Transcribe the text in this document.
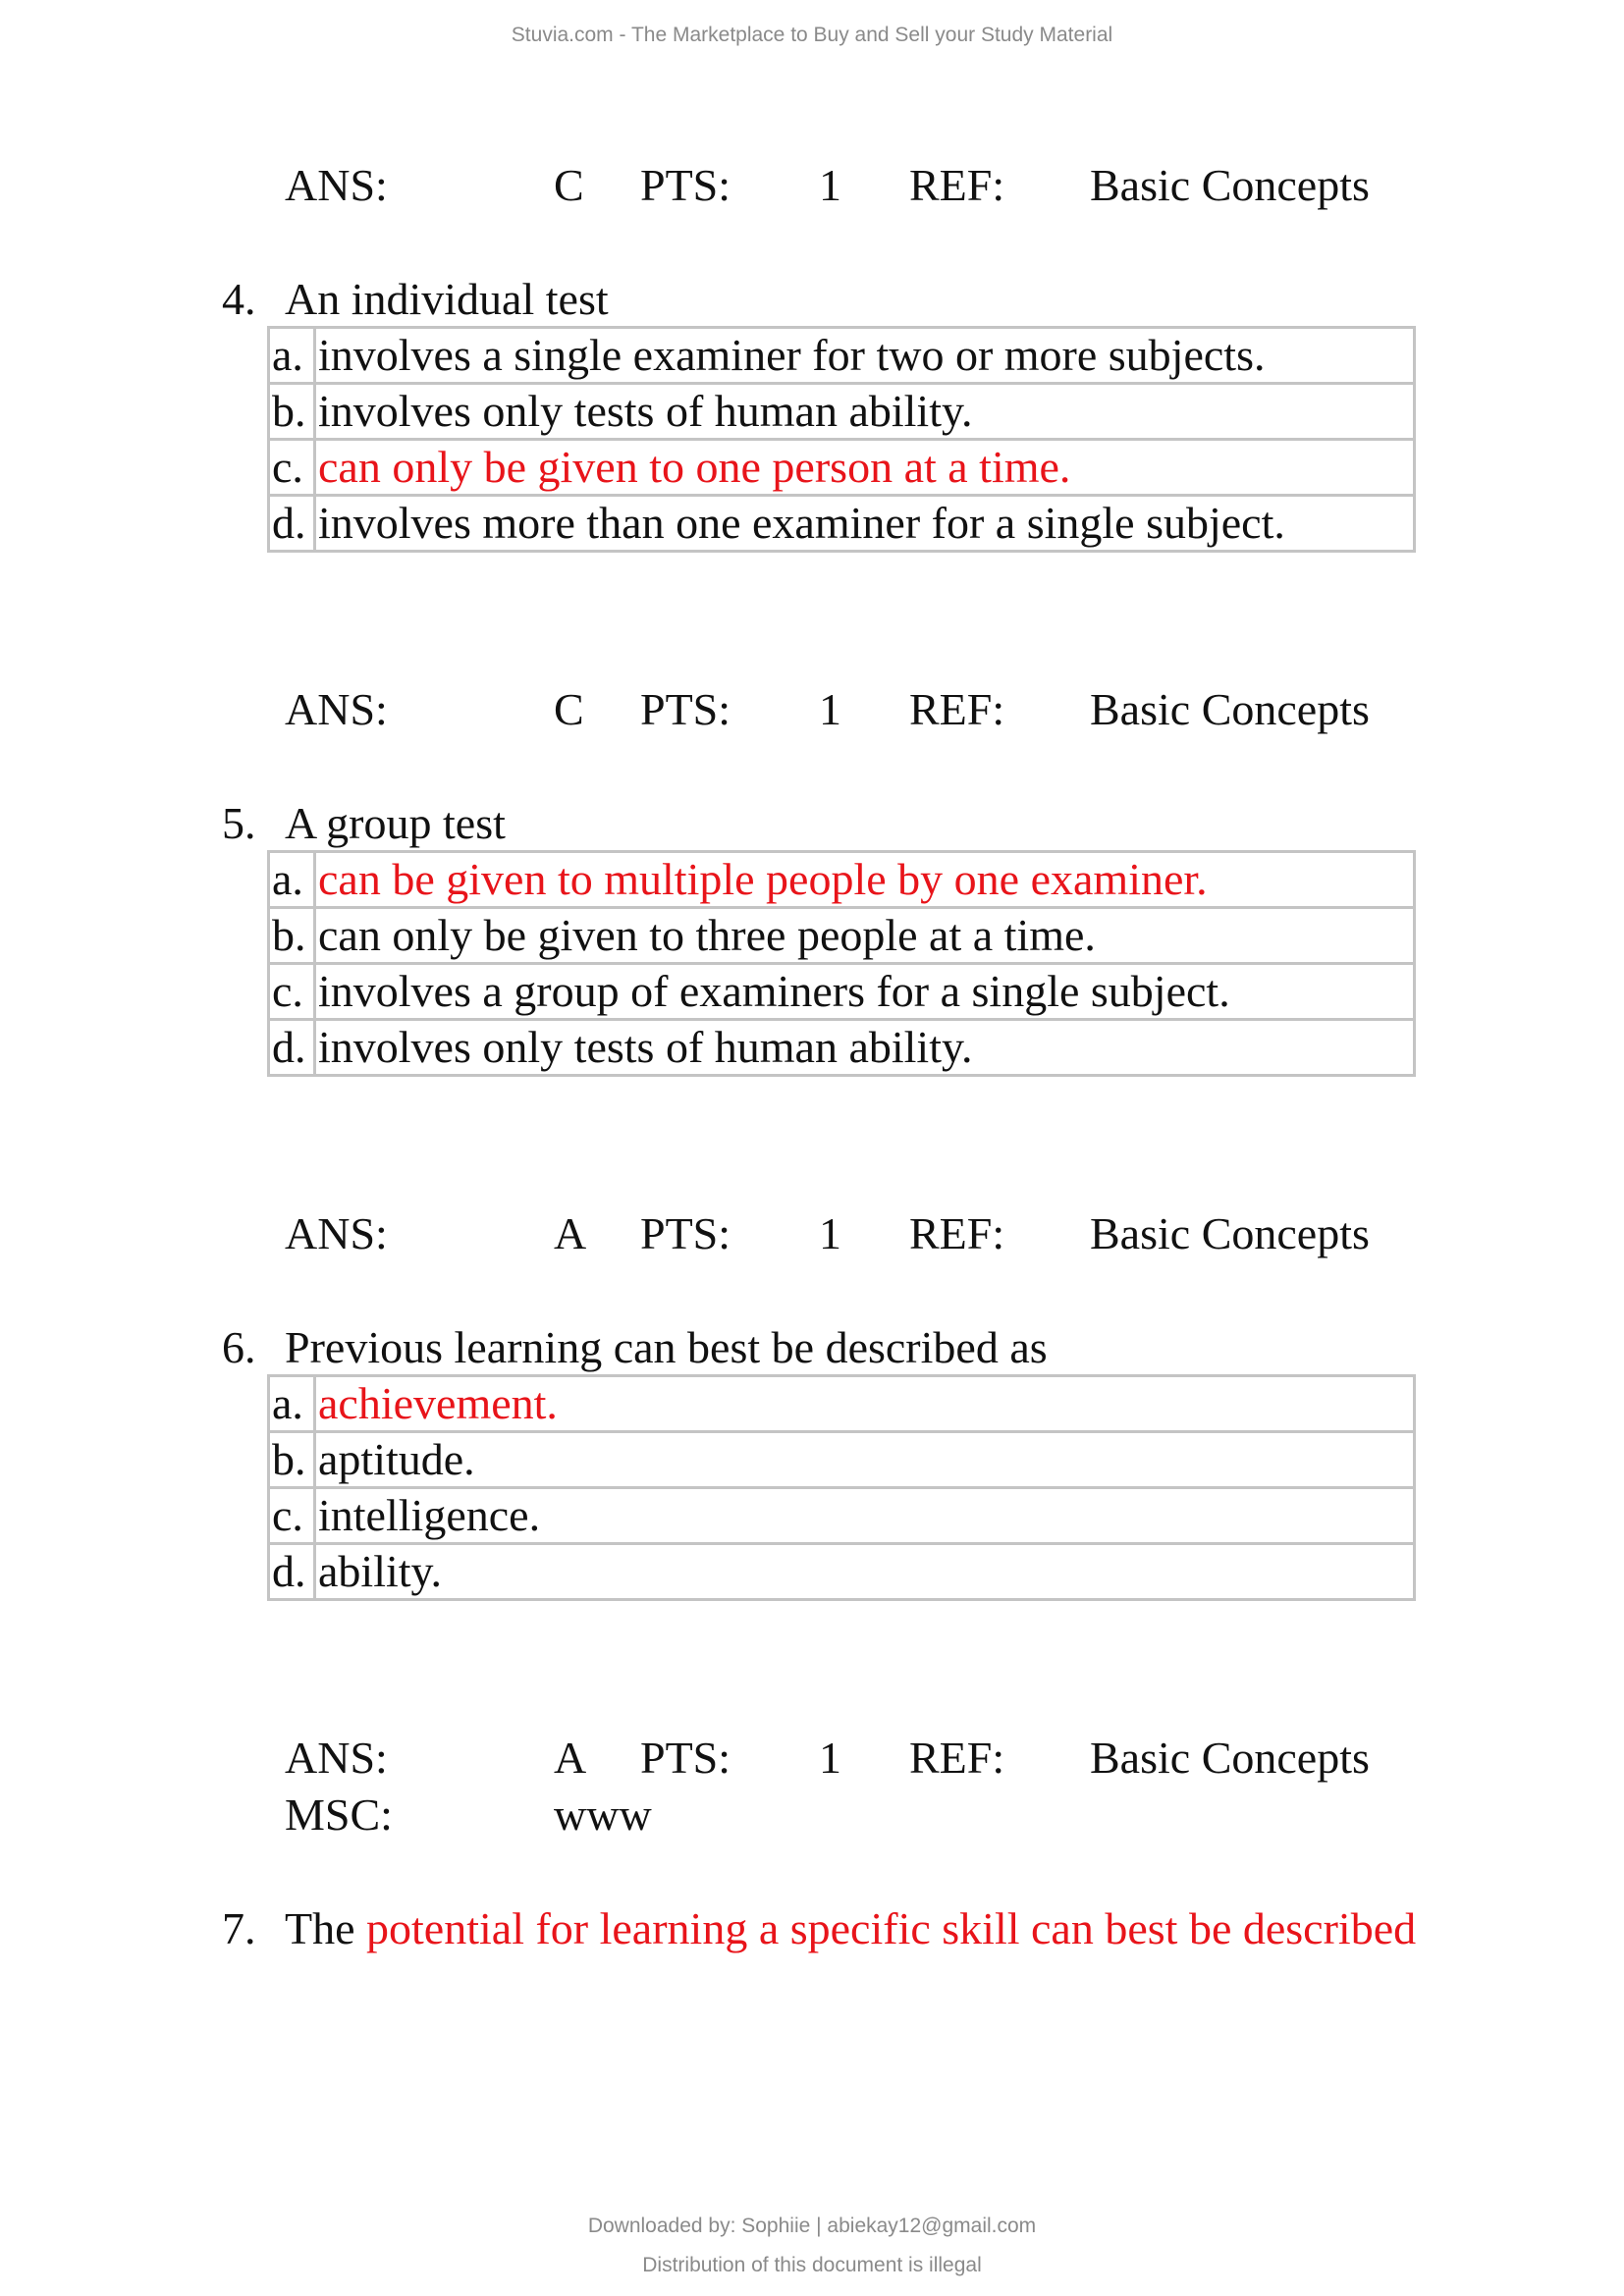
Stuvia.com - The Marketplace to Buy and Sell your Study Material
ANS:	C PTS: 1 REF: Basic Concepts
4. An individual test
a.	involves a single examiner for two or more subjects.
b.	involves only tests of human ability.
c.	can only be given to one person at a time.
d.	involves more than one examiner for a single subject.
ANS:	C PTS: 1 REF: Basic Concepts
5. A group test
a.	can be given to multiple people by one examiner.
b.	can only be given to three people at a time.
c.	involves a group of examiners for a single subject.
d.	involves only tests of human ability.
ANS:	A PTS: 1 REF: Basic Concepts
6. Previous learning can best be described as
a.	achievement.
b.	aptitude.
c.	intelligence.
d.	ability.
ANS:	A PTS: 1 REF: Basic Concepts
MSC:	www
7. The potential for learning a specific skill can best be described
Downloaded by: Sophiie | abiekay12@gmail.com
Distribution of this document is illegal
